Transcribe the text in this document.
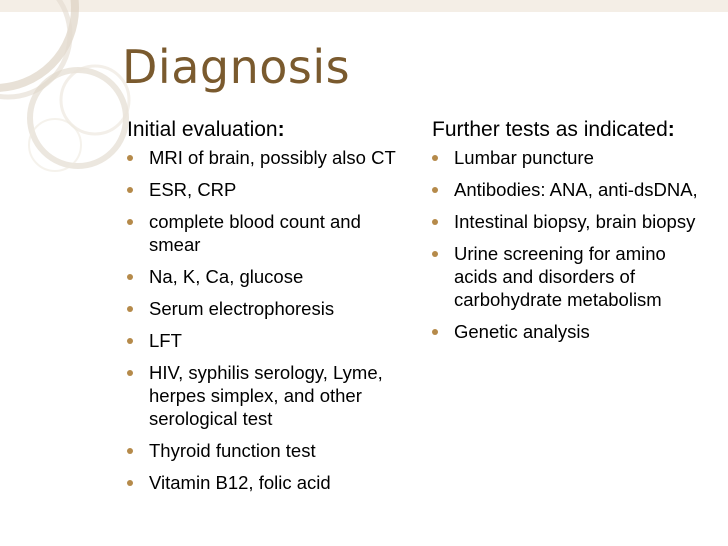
Diagnosis
Initial evaluation:
MRI of brain, possibly also CT
ESR, CRP
complete blood count and smear
Na, K, Ca, glucose
Serum electrophoresis
LFT
HIV, syphilis serology, Lyme, herpes simplex, and other serological test
Thyroid function test
Vitamin B12, folic acid
Further tests as indicated:
Lumbar puncture
Antibodies: ANA, anti-dsDNA,
Intestinal biopsy, brain biopsy
Urine screening for amino acids and disorders of carbohydrate metabolism
Genetic analysis
